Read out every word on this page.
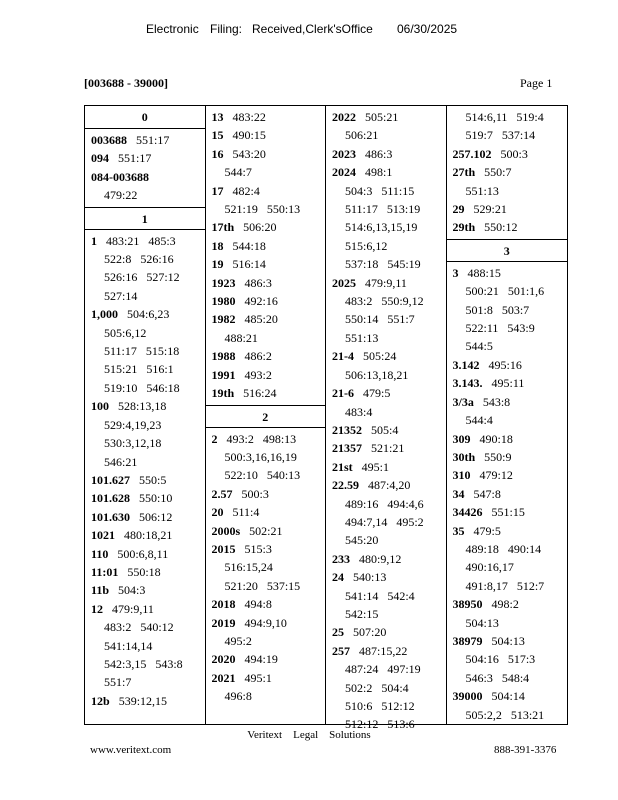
Electronic Filing: Received,Clerk'sOffice 06/30/2025
[003688 - 39000]	Page 1
0
003688 551:17
094 551:17
084-003688
479:22
1
1 483:21   485:3
522:8   526:16
526:16   527:12
527:14
1,000 504:6,23
505:6,12
511:17   515:18
515:21   516:1
519:10   546:18
100 528:13,18
529:4,19,23
530:3,12,18
546:21
101.627 550:5
101.628 550:10
101.630 506:12
1021 480:18,21
110 500:6,8,11
11:01 550:18
11b 504:3
12 479:9,11
483:2   540:12
541:14,14
542:3,15   543:8
551:7
12b 539:12,15
13 483:22
15 490:15
16 543:20
544:7
17 482:4
521:19   550:13
17th 506:20
18 544:18
19 516:14
1923 486:3
1980 492:16
1982 485:20
488:21
1988 486:2
1991 493:2
19th 516:24
2
2 493:2   498:13
500:3,16,16,19
522:10   540:13
2.57 500:3
20 511:4
2000s 502:21
2015 515:3
516:15,24
521:20   537:15
2018 494:8
2019 494:9,10
495:2
2020 494:19
2021 495:1
496:8
2022 505:21
506:21
2023 486:3
2024 498:1
504:3   511:15
511:17   513:19
514:6,13,15,19
515:6,12
537:18   545:19
2025 479:9,11
483:2   550:9,12
550:14   551:7
551:13
21-4 505:24
506:13,18,21
21-6 479:5
483:4
21352 505:4
21357 521:21
21st 495:1
22.59 487:4,20
489:16   494:4,6
494:7,14   495:2
545:20
233 480:9,12
24 540:13
541:14   542:4
542:15
25 507:20
257 487:15,22
487:24   497:19
502:2   504:4
510:6   512:12
512:12   513:6
514:6,11   519:4
519:7   537:14
257.102 500:3
27th 550:7
551:13
29 529:21
29th 550:12
3
3 488:15
500:21   501:1,6
501:8   503:7
522:11   543:9
544:5
3.142 495:16
3.143. 495:11
3/3a 543:8
544:4
309 490:18
30th 550:9
310 479:12
34 547:8
34426 551:15
35 479:5
489:18   490:14
490:16,17
491:8,17   512:7
38950 498:2
504:13
38979 504:13
504:16   517:3
546:3   548:4
39000 504:14
505:2,2   513:21
Veritext    Legal    Solutions
www.veritext.com	888-391-3376
